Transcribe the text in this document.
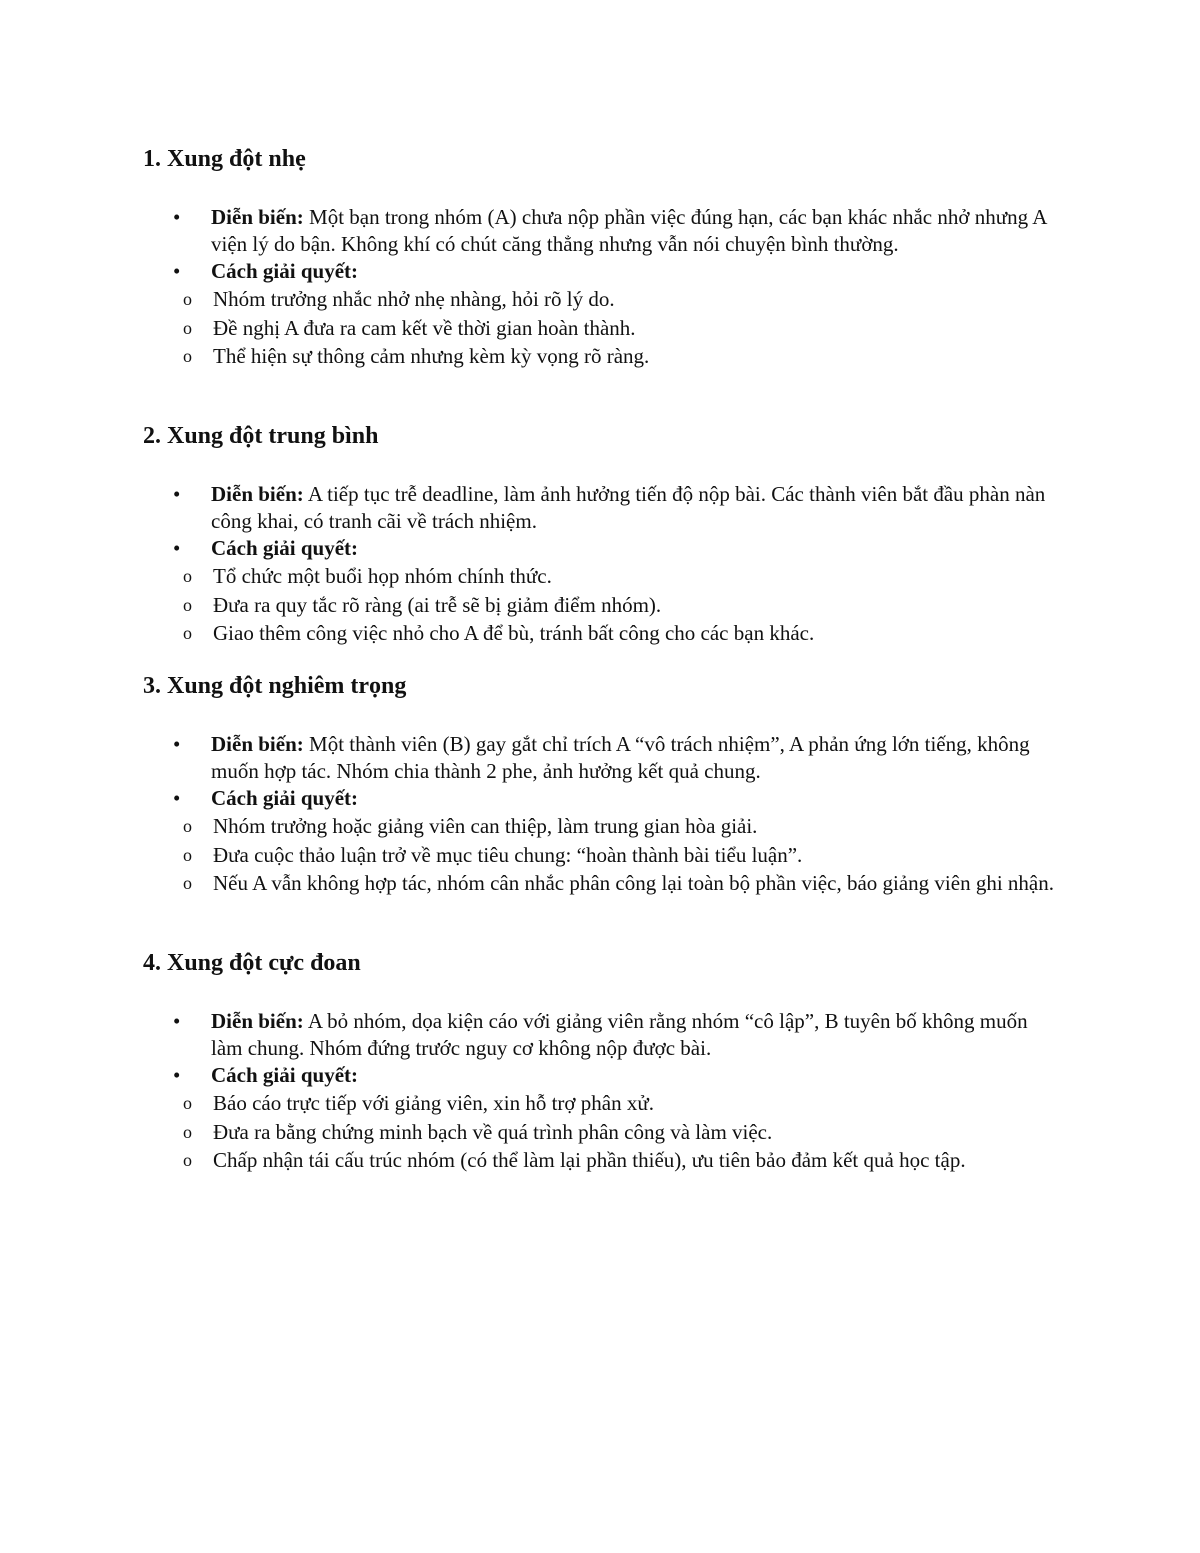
1. Xung đột nhẹ
• Diễn biến: Một bạn trong nhóm (A) chưa nộp phần việc đúng hạn, các bạn khác nhắc nhở nhưng A viện lý do bận. Không khí có chút căng thẳng nhưng vẫn nói chuyện bình thường.
• Cách giải quyết:
o Nhóm trưởng nhắc nhở nhẹ nhàng, hỏi rõ lý do.
o Đề nghị A đưa ra cam kết về thời gian hoàn thành.
o Thể hiện sự thông cảm nhưng kèm kỳ vọng rõ ràng.
2. Xung đột trung bình
• Diễn biến: A tiếp tục trễ deadline, làm ảnh hưởng tiến độ nộp bài. Các thành viên bắt đầu phàn nàn công khai, có tranh cãi về trách nhiệm.
• Cách giải quyết:
o Tổ chức một buổi họp nhóm chính thức.
o Đưa ra quy tắc rõ ràng (ai trễ sẽ bị giảm điểm nhóm).
o Giao thêm công việc nhỏ cho A để bù, tránh bất công cho các bạn khác.
3. Xung đột nghiêm trọng
• Diễn biến: Một thành viên (B) gay gắt chỉ trích A “vô trách nhiệm”, A phản ứng lớn tiếng, không muốn hợp tác. Nhóm chia thành 2 phe, ảnh hưởng kết quả chung.
• Cách giải quyết:
o Nhóm trưởng hoặc giảng viên can thiệp, làm trung gian hòa giải.
o Đưa cuộc thảo luận trở về mục tiêu chung: “hoàn thành bài tiểu luận”.
o Nếu A vẫn không hợp tác, nhóm cân nhắc phân công lại toàn bộ phần việc, báo giảng viên ghi nhận.
4. Xung đột cực đoan
• Diễn biến: A bỏ nhóm, dọa kiện cáo với giảng viên rằng nhóm “cô lập”, B tuyên bố không muốn làm chung. Nhóm đứng trước nguy cơ không nộp được bài.
• Cách giải quyết:
o Báo cáo trực tiếp với giảng viên, xin hỗ trợ phân xử.
o Đưa ra bằng chứng minh bạch về quá trình phân công và làm việc.
o Chấp nhận tái cấu trúc nhóm (có thể làm lại phần thiếu), ưu tiên bảo đảm kết quả học tập.
